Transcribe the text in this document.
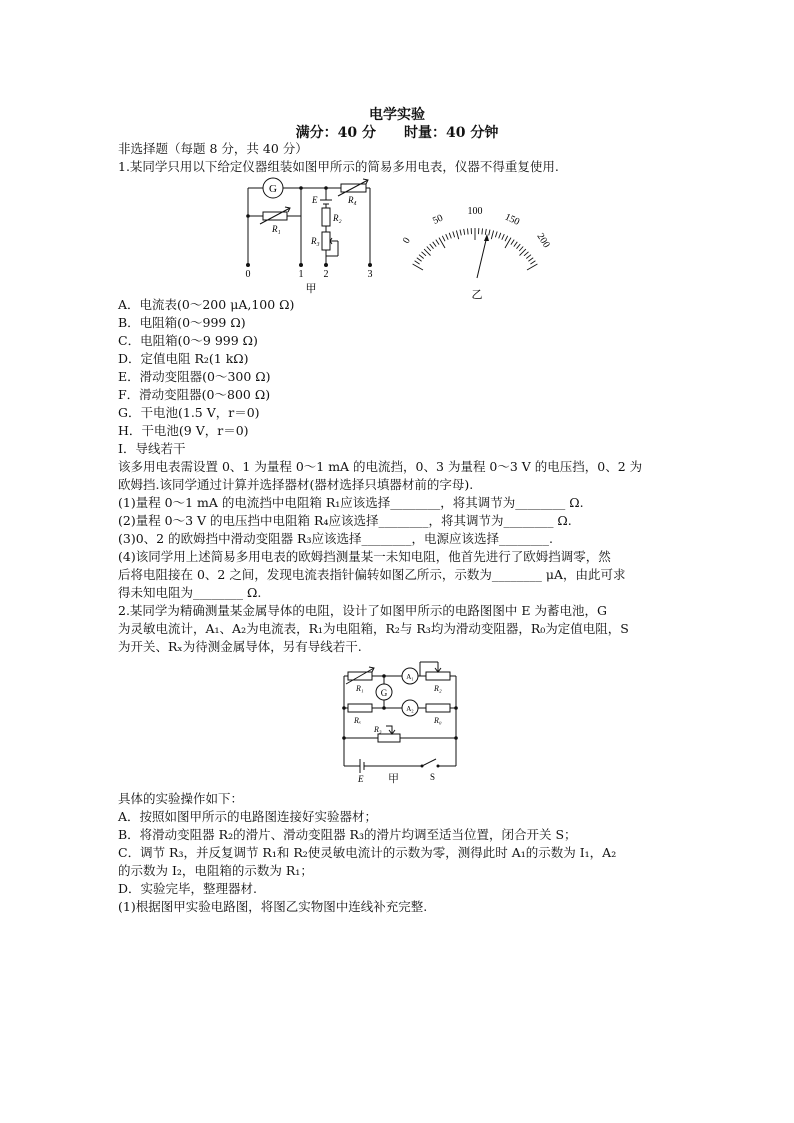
电学实验
满分：40 分　　时量：40 分钟
非选择题（每题 8 分，共 40 分）
1.某同学只用以下给定仪器组装如图甲所示的简易多用电表，仪器不得重复使用.
G
R₁
E
R₂
R₃
R₄
0	1 2	3
甲
0
50
100
150
200
乙
A．电流表(0～200 μA,100 Ω)
B．电阻箱(0～999 Ω)
C．电阻箱(0～9 999 Ω)
D．定值电阻 R₂(1 kΩ)
E．滑动变阻器(0～300 Ω)
F．滑动变阻器(0～800 Ω)
G．干电池(1.5 V，r＝0)
H．干电池(9 V，r＝0)
I．导线若干
该多用电表需设置 0、1 为量程 0～1 mA 的电流挡，0、3 为量程 0～3 V 的电压挡，0、2 为
欧姆挡.该同学通过计算并选择器材(器材选择只填器材前的字母).
(1)量程 0～1 mA 的电流挡中电阻箱 R₁应该选择________，将其调节为________ Ω.
(2)量程 0～3 V 的电压挡中电阻箱 R₄应该选择________，将其调节为________ Ω.
(3)0、2 的欧姆挡中滑动变阻器 R₃应该选择________，电源应该选择________.
(4)该同学用上述简易多用电表的欧姆挡测量某一未知电阻，他首先进行了欧姆挡调零，然
后将电阻接在 0、2 之间，发现电流表指针偏转如图乙所示，示数为________ μA，由此可求
得未知电阻为________ Ω.
2.某同学为精确测量某金属导体的电阻，设计了如图甲所示的电路图图中 E 为蓄电池，G
为灵敏电流计，A₁、A₂为电流表，R₁为电阻箱，R₂与 R₃均为滑动变阻器，R₀为定值电阻，S
为开关、Rₓ为待测金属导体，另有导线若干.
R₁
A₁
R₂
G
Rₓ
A₂
R₀
R₃
E	S
甲
具体的实验操作如下：
A．按照如图甲所示的电路图连接好实验器材；
B．将滑动变阻器 R₂的滑片、滑动变阻器 R₃的滑片均调至适当位置，闭合开关 S；
C．调节 R₃，并反复调节 R₁和 R₂使灵敏电流计的示数为零，测得此时 A₁的示数为 I₁，A₂
的示数为 I₂，电阻箱的示数为 R₁；
D．实验完毕，整理器材.
(1)根据图甲实验电路图，将图乙实物图中连线补充完整.
